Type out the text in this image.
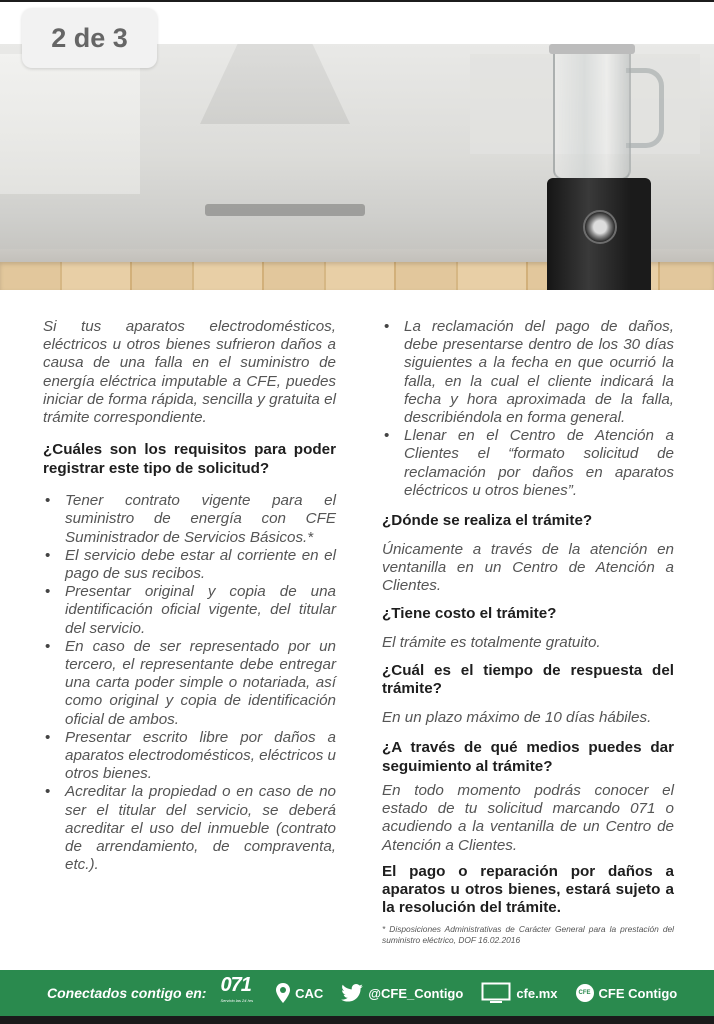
2 de 3

Si tus aparatos electrodomésticos, eléctricos u otros bienes sufrieron daños a causa de una falla en el suministro de energía eléctrica imputable a CFE, puedes iniciar de forma rápida, sencilla y gratuita el trámite correspondiente.

¿Cuáles son los requisitos para poder registrar este tipo de solicitud?

• Tener contrato vigente para el suministro de energía con CFE Suministrador de Servicios Básicos.*
• El servicio debe estar al corriente en el pago de sus recibos.
• Presentar original y copia de una identificación oficial vigente, del titular del servicio.
• En caso de ser representado por un tercero, el representante debe entregar una carta poder simple o notariada, así como original y copia de identificación oficial de ambos.
• Presentar escrito libre por daños a aparatos electrodomésticos, eléctricos u otros bienes.
• Acreditar la propiedad o en caso de no ser el titular del servicio, se deberá acreditar el uso del inmueble (contrato de arrendamiento, de compraventa, etc.).
• La reclamación del pago de daños, debe presentarse dentro de los 30 días siguientes a la fecha en que ocurrió la falla, en la cual el cliente indicará la fecha y hora aproximada de la falla, describiéndola en forma general.
• Llenar en el Centro de Atención a Clientes el “formato solicitud de reclamación por daños en aparatos eléctricos u otros bienes”.

¿Dónde se realiza el trámite?

Únicamente a través de la atención en ventanilla en un Centro de Atención a Clientes.

¿Tiene costo el trámite?

El trámite es totalmente gratuito.

¿Cuál es el tiempo de respuesta del trámite?

En un plazo máximo de 10 días hábiles.

¿A través de qué medios puedes dar seguimiento al trámite?

En todo momento podrás conocer el estado de tu solicitud marcando 071 o acudiendo a la ventanilla de un Centro de Atención a Clientes.

El pago o reparación por daños a aparatos u otros bienes, estará sujeto a la resolución del trámite.

* Disposiciones Administrativas de Carácter General para la prestación del suministro eléctrico, DOF 16.02.2016

Conectados contigo en: 071
Servicio las 24 hrs	CAC	@CFE_Contigo	cfe.mx	CFE CFE Contigo
